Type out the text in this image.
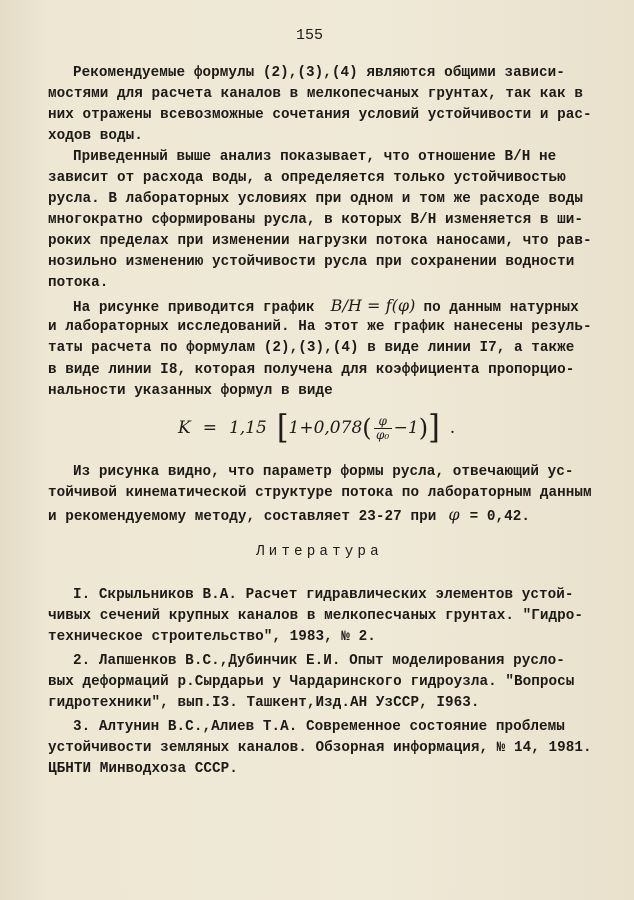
155
Рекомендуемые формулы (2),(3),(4) являются общими зависи-
мостями для расчета каналов в мелкопесчаных грунтах, так как в
них отражены всевозможные сочетания условий устойчивости и рас-
ходов воды.
Приведенный выше анализ показывает, что отношение B/H не
зависит от расхода воды, а определяется только устойчивостью
русла. В лабораторных условиях при одном и том же расходе воды
многократно сформированы русла, в которых B/H изменяется в ши-
роких пределах при изменении нагрузки потока наносами, что рав-
нозильно изменению устойчивости русла при сохранении водности
потока.
На рисунке приводится график B/H = f(φ) по данным натурных
и лабораторных исследований. На этот же график нанесены резуль-
таты расчета по формулам (2),(3),(4) в виде линии I7, а также
в виде линии I8, которая получена для коэффициента пропорцио-
нальности указанных формул в виде
K = 1,15 [ 1+0,078 ( $\frac{\varphi}{\text{φ₀}} -1$ ) ] .
Из рисунка видно, что параметр формы русла, отвечающий ус-
тойчивой кинематической структуре потока по лабораторным данным
и рекомендуемому методу, составляет 23-27 при φ = 0,42.
Литература
I. Скрыльников В.А. Расчет гидравлических элементов устой-
чивых сечений крупных каналов в мелкопесчаных грунтах. "Гидро-
техническое строительство", 1983, № 2.
2. Лапшенков В.С.,Дубинчик Е.И. Опыт моделирования русло-
вых деформаций р.Сырдарьи у Чардаринского гидроузла. "Вопросы
гидротехники", вып.I3. Ташкент,Изд.АН УзССР, I963.
3. Алтунин В.С.,Алиев Т.А. Современное состояние проблемы
устойчивости земляных каналов. Обзорная информация, № 14, 1981.
ЦБНТИ Минводхоза СССР.
